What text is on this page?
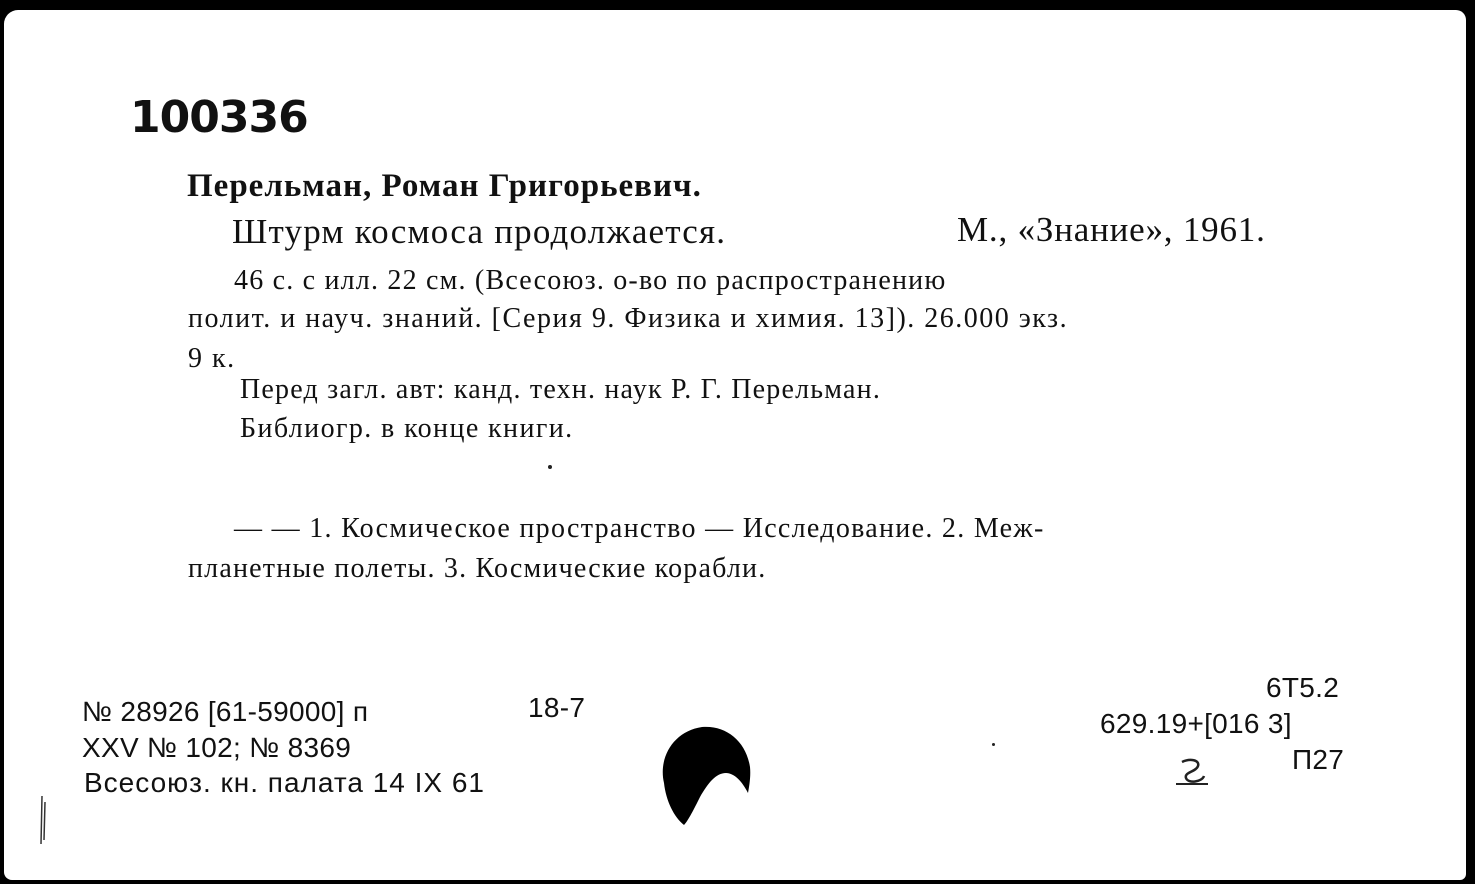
100336
Перельман, Роман Григорьевич.
Штурм космоса продолжается.	М., «Знание», 1961.
46 с. с илл. 22 см. (Всесоюз. о-во по распространению
полит. и науч. знаний. [Серия 9. Физика и химия. 13]). 26.000 экз.
9 к.
Перед загл. авт: канд. техн. наук Р. Г. Перельман.
Библиогр. в конце книги.
— — 1. Космическое пространство — Исследование. 2. Меж-
планетные полеты. 3. Космические корабли.
№ 28926 [61-59000] п	18-7
XXV № 102; № 8369
Всесоюз. кн. палата 14 IX 61
6Т5.2
629.19+[016 3]
П27
